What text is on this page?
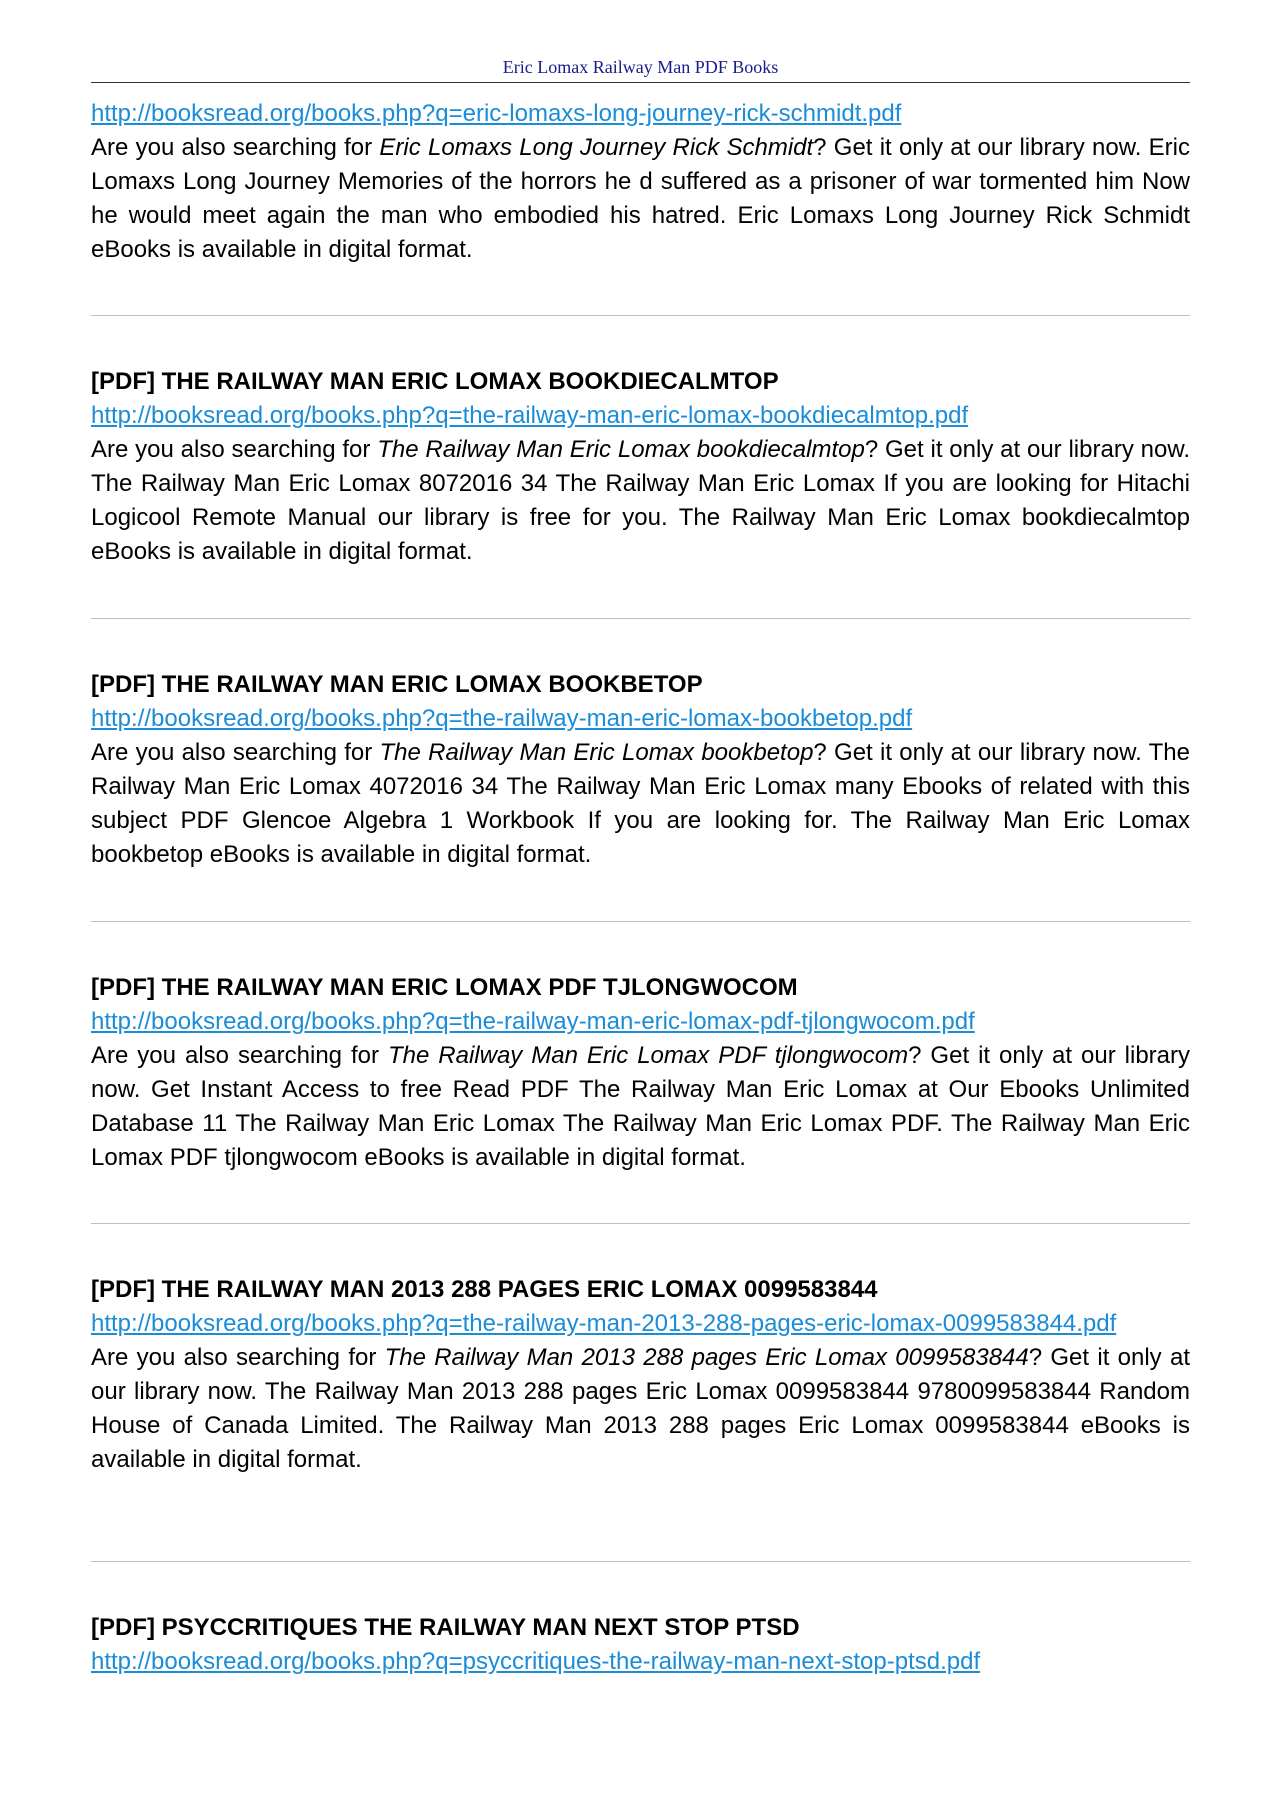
Eric Lomax Railway Man PDF Books
http://booksread.org/books.php?q=eric-lomaxs-long-journey-rick-schmidt.pdf

Are you also searching for Eric Lomaxs Long Journey Rick Schmidt? Get it only at our library now. Eric Lomaxs Long Journey Memories of the horrors he d suffered as a prisoner of war tormented him Now he would meet again the man who embodied his hatred. Eric Lomaxs Long Journey Rick Schmidt eBooks is available in digital format.

[PDF] THE RAILWAY MAN ERIC LOMAX BOOKDIECALMTOP
http://booksread.org/books.php?q=the-railway-man-eric-lomax-bookdiecalmtop.pdf

Are you also searching for The Railway Man Eric Lomax bookdiecalmtop? Get it only at our library now. The Railway Man Eric Lomax 8072016 34 The Railway Man Eric Lomax If you are looking for Hitachi Logicool Remote Manual our library is free for you. The Railway Man Eric Lomax bookdiecalmtop eBooks is available in digital format.

[PDF] THE RAILWAY MAN ERIC LOMAX BOOKBETOP
http://booksread.org/books.php?q=the-railway-man-eric-lomax-bookbetop.pdf

Are you also searching for The Railway Man Eric Lomax bookbetop? Get it only at our library now. The Railway Man Eric Lomax 4072016 34 The Railway Man Eric Lomax many Ebooks of related with this subject PDF Glencoe Algebra 1 Workbook If you are looking for. The Railway Man Eric Lomax bookbetop eBooks is available in digital format.

[PDF] THE RAILWAY MAN ERIC LOMAX PDF TJLONGWOCOM
http://booksread.org/books.php?q=the-railway-man-eric-lomax-pdf-tjlongwocom.pdf

Are you also searching for The Railway Man Eric Lomax PDF tjlongwocom? Get it only at our library now. Get Instant Access to free Read PDF The Railway Man Eric Lomax at Our Ebooks Unlimited Database 11 The Railway Man Eric Lomax The Railway Man Eric Lomax PDF. The Railway Man Eric Lomax PDF tjlongwocom eBooks is available in digital format.

[PDF] THE RAILWAY MAN 2013 288 PAGES ERIC LOMAX 0099583844
http://booksread.org/books.php?q=the-railway-man-2013-288-pages-eric-lomax-0099583844.pdf

Are you also searching for The Railway Man 2013 288 pages Eric Lomax 0099583844? Get it only at our library now. The Railway Man 2013 288 pages Eric Lomax 0099583844 9780099583844 Random House of Canada Limited. The Railway Man 2013 288 pages Eric Lomax 0099583844 eBooks is available in digital format.

[PDF] PSYCCRITIQUES THE RAILWAY MAN NEXT STOP PTSD
http://booksread.org/books.php?q=psyccritiques-the-railway-man-next-stop-ptsd.pdf
